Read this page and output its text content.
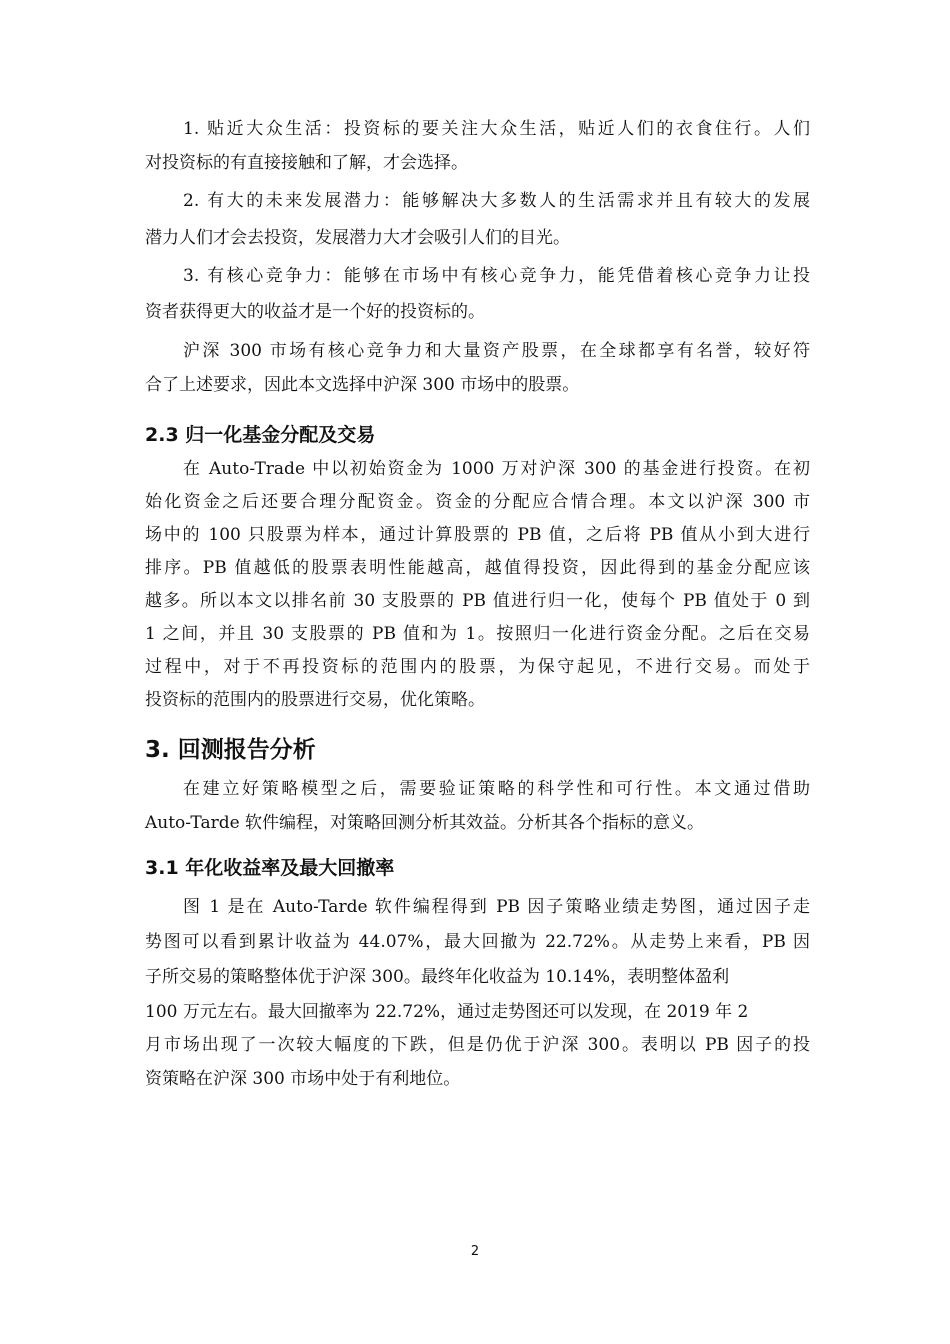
1. 贴近大众生活：投资标的要关注大众生活，贴近人们的衣食住行。人们
对投资标的有直接接触和了解，才会选择。
2. 有大的未来发展潜力：能够解决大多数人的生活需求并且有较大的发展
潜力人们才会去投资，发展潜力大才会吸引人们的目光。
3. 有核心竞争力：能够在市场中有核心竞争力，能凭借着核心竞争力让投
资者获得更大的收益才是一个好的投资标的。
沪深 300 市场有核心竞争力和大量资产股票，在全球都享有名誉，较好符
合了上述要求，因此本文选择中沪深 300 市场中的股票。
2.3 归一化基金分配及交易
在 Auto-Trade 中以初始资金为 1000 万对沪深 300 的基金进行投资。在初
始化资金之后还要合理分配资金。资金的分配应合情合理。本文以沪深 300 市
场中的 100 只股票为样本，通过计算股票的 PB 值，之后将 PB 值从小到大进行
排序。PB 值越低的股票表明性能越高，越值得投资，因此得到的基金分配应该
越多。所以本文以排名前 30 支股票的 PB 值进行归一化，使每个 PB 值处于 0 到
1 之间，并且 30 支股票的 PB 值和为 1。按照归一化进行资金分配。之后在交易
过程中，对于不再投资标的范围内的股票，为保守起见，不进行交易。而处于
投资标的范围内的股票进行交易，优化策略。
3. 回测报告分析
在建立好策略模型之后，需要验证策略的科学性和可行性。本文通过借助
Auto-Tarde 软件编程，对策略回测分析其效益。分析其各个指标的意义。
3.1 年化收益率及最大回撤率
图 1 是在 Auto-Tarde 软件编程得到 PB 因子策略业绩走势图，通过因子走
势图可以看到累计收益为 44.07%，最大回撤为 22.72%。从走势上来看，PB 因
子所交易的策略整体优于沪深 300。最终年化收益为 10.14%，表明整体盈利
100 万元左右。最大回撤率为 22.72%，通过走势图还可以发现，在 2019 年 2
月市场出现了一次较大幅度的下跌，但是仍优于沪深 300。表明以 PB 因子的投
资策略在沪深 300 市场中处于有利地位。
2
